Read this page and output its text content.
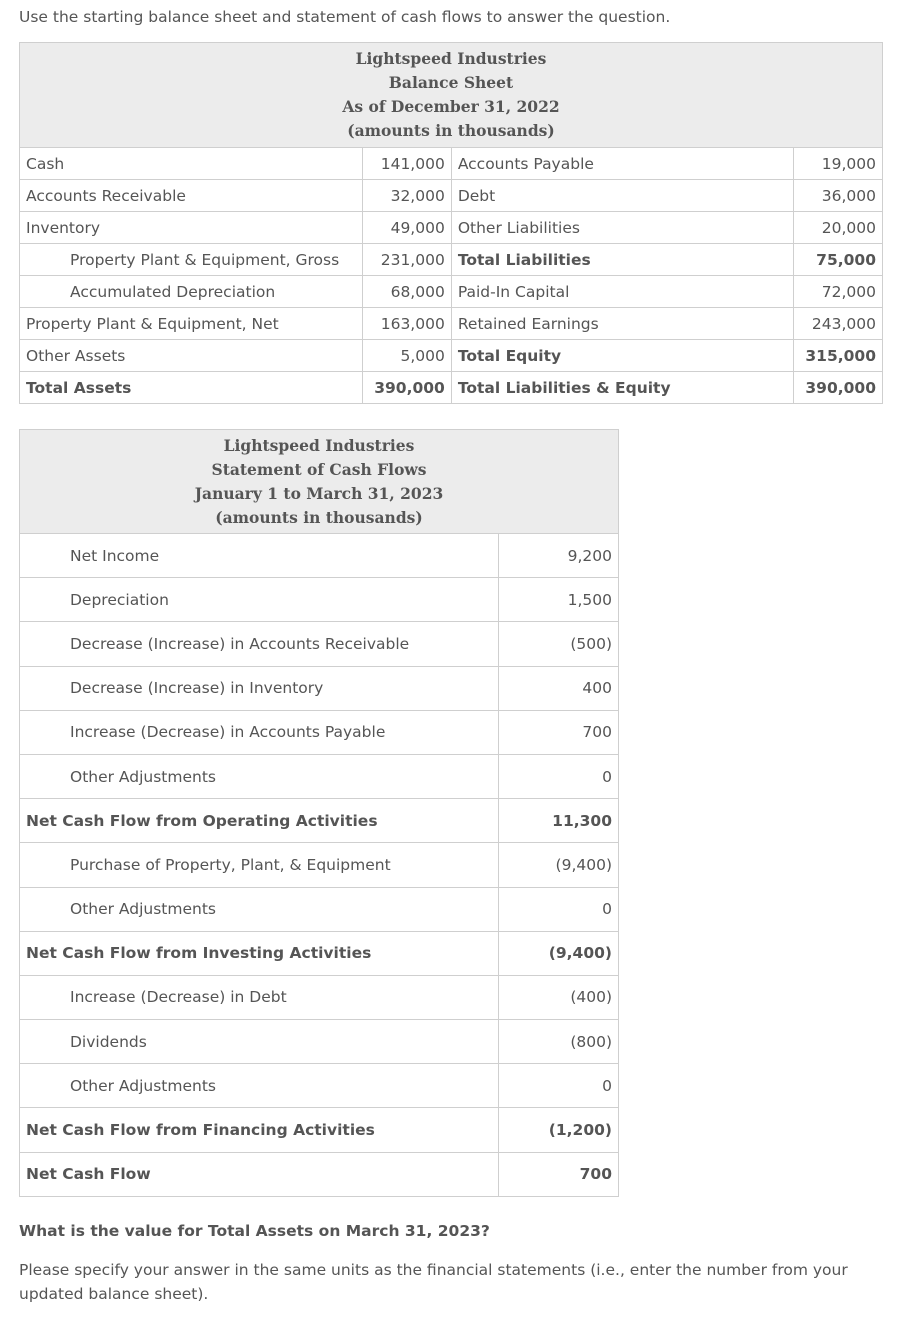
Use the starting balance sheet and statement of cash flows to answer the question.
Lightspeed Industries
Balance Sheet
As of December 31, 2022
(amounts in thousands)			

Cash	141,000	Accounts Payable	19,000
Accounts Receivable	32,000	Debt	36,000
Inventory	49,000	Other Liabilities	20,000
Property Plant & Equipment, Gross	231,000	Total Liabilities	75,000
Accumulated Depreciation	68,000	Paid-In Capital	72,000
Property Plant & Equipment, Net	163,000	Retained Earnings	243,000
Other Assets	5,000	Total Equity	315,000
Total Assets	390,000	Total Liabilities & Equity	390,000
Lightspeed Industries
Statement of Cash Flows
January 1 to March 31, 2023
(amounts in thousands)	

Net Income	9,200
Depreciation	1,500
Decrease (Increase) in Accounts Receivable	(500)
Decrease (Increase) in Inventory	400
Increase (Decrease) in Accounts Payable	700
Other Adjustments	0
Net Cash Flow from Operating Activities	11,300
Purchase of Property, Plant, & Equipment	(9,400)
Other Adjustments	0
Net Cash Flow from Investing Activities	(9,400)
Increase (Decrease) in Debt	(400)
Dividends	(800)
Other Adjustments	0
Net Cash Flow from Financing Activities	(1,200)
Net Cash Flow	700
What is the value for Total Assets on March 31, 2023?
Please specify your answer in the same units as the financial statements (i.e., enter the number from your updated balance sheet).
